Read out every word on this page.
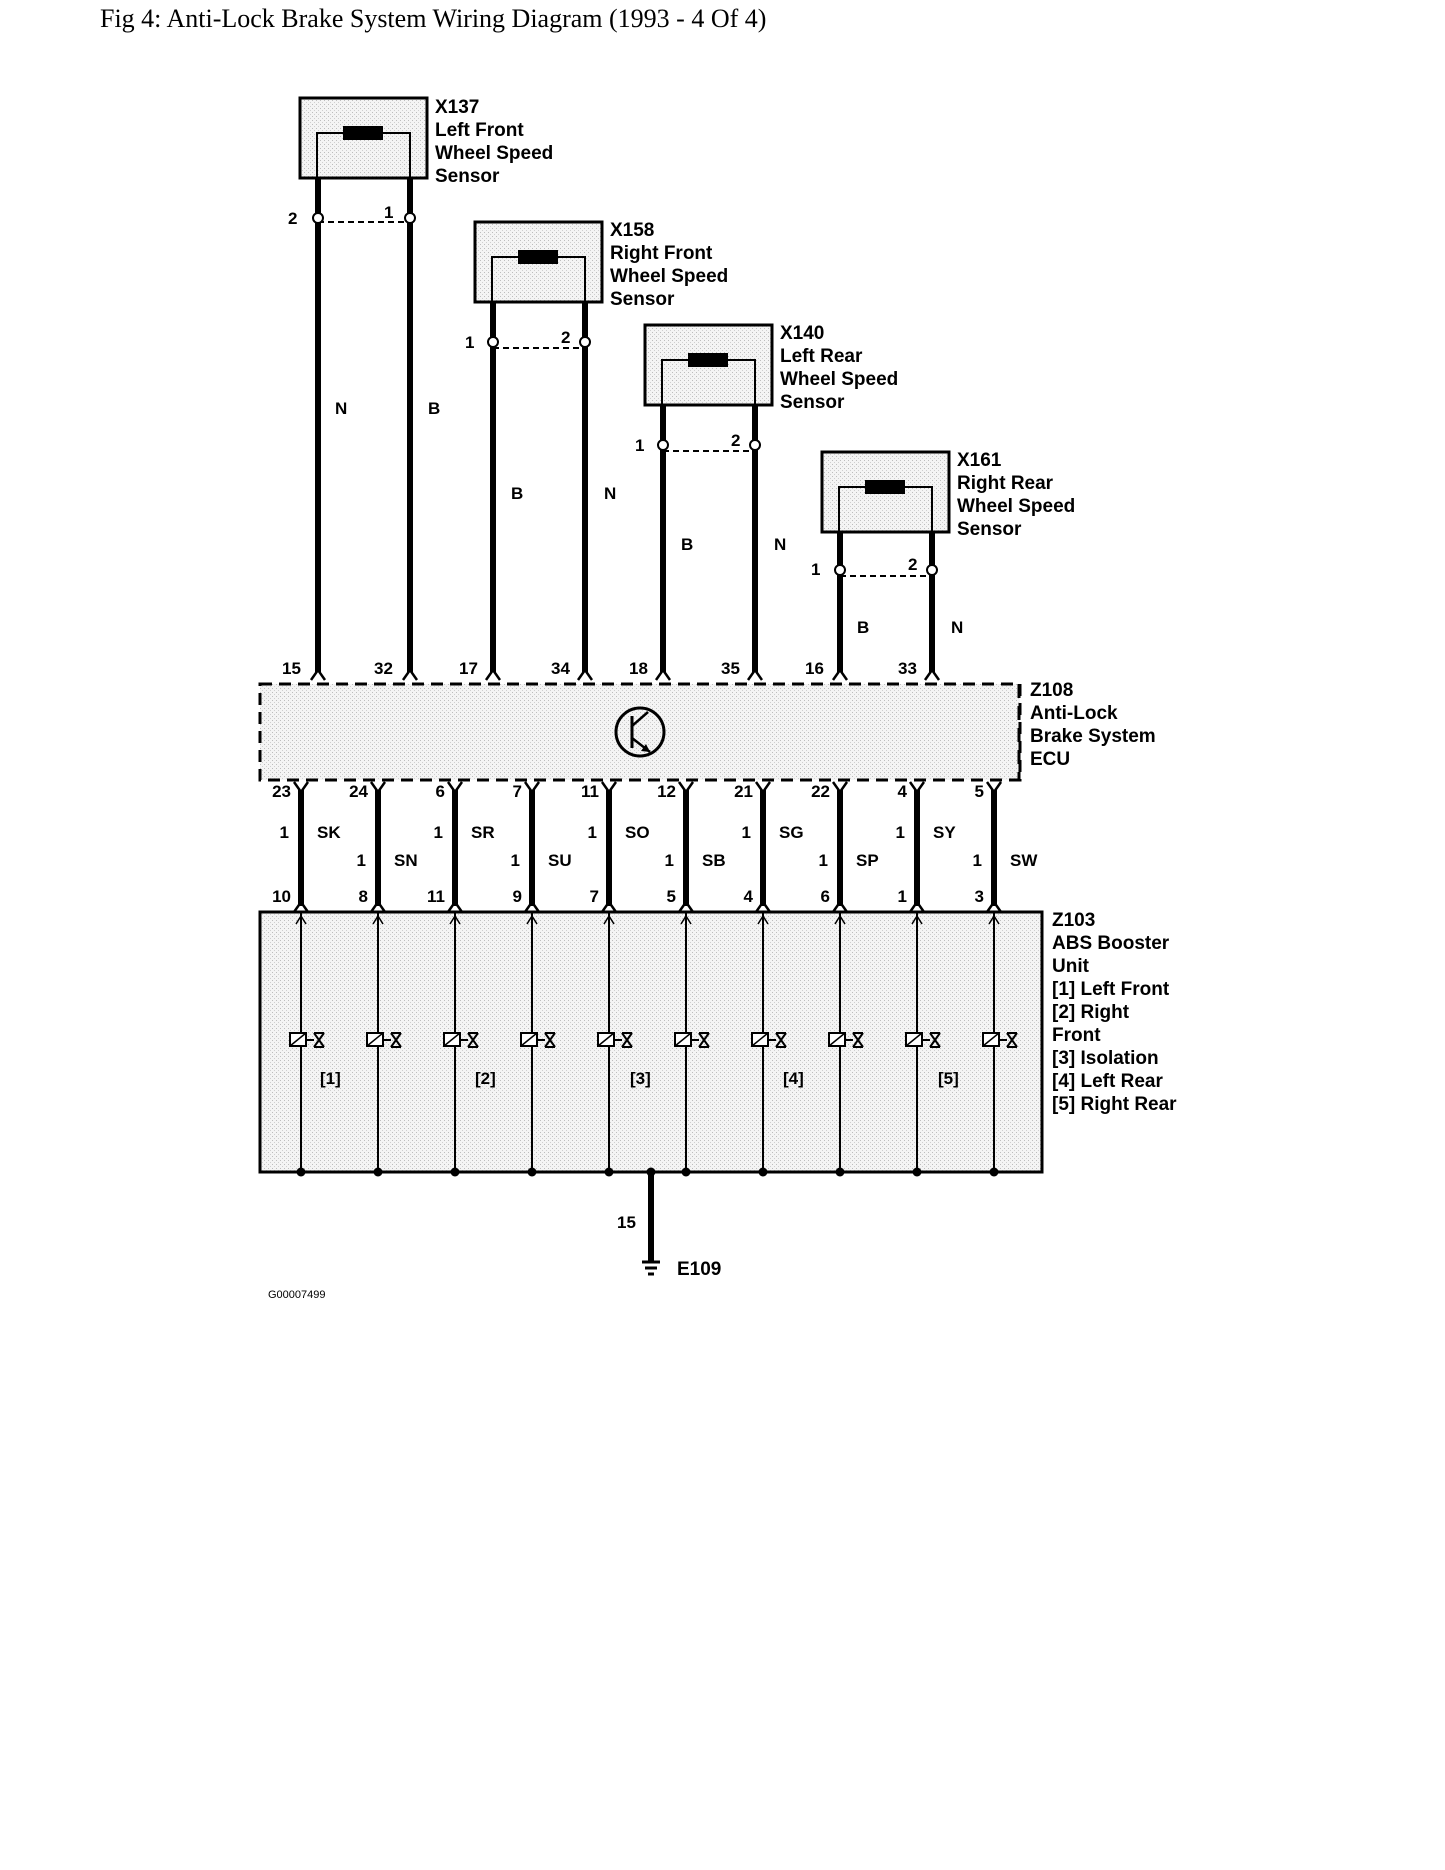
Fig 4: Anti-Lock Brake System Wiring Diagram (1993 - 4 Of 4)
X137
Left Front
Wheel Speed
Sensor
2	1
N	B
15	32
X158
Right Front
Wheel Speed
Sensor
1	2
B	N
17	34
X140
Left Rear
Wheel Speed
Sensor
1	2
B	N
18	35
X161
Right Rear
Wheel Speed
Sensor
1	2
B	N
16	33
Z108
Anti-Lock
Brake System
ECU
23
1 SK
10
24
1 SN
8
6
1 SR
11
7
1 SU
9
11
1 SO
7
12
1 SB
5
21
1 SG
4
22
1 SP
6
4
1 SY
1
5
1 SW
3
Z103
ABS Booster
Unit
[1] Left Front
[2] Right
Front
[3] Isolation
[4] Left Rear
[5] Right Rear
[1]	[2]	[3]	[4]	[5]
15
E109
G00007499
